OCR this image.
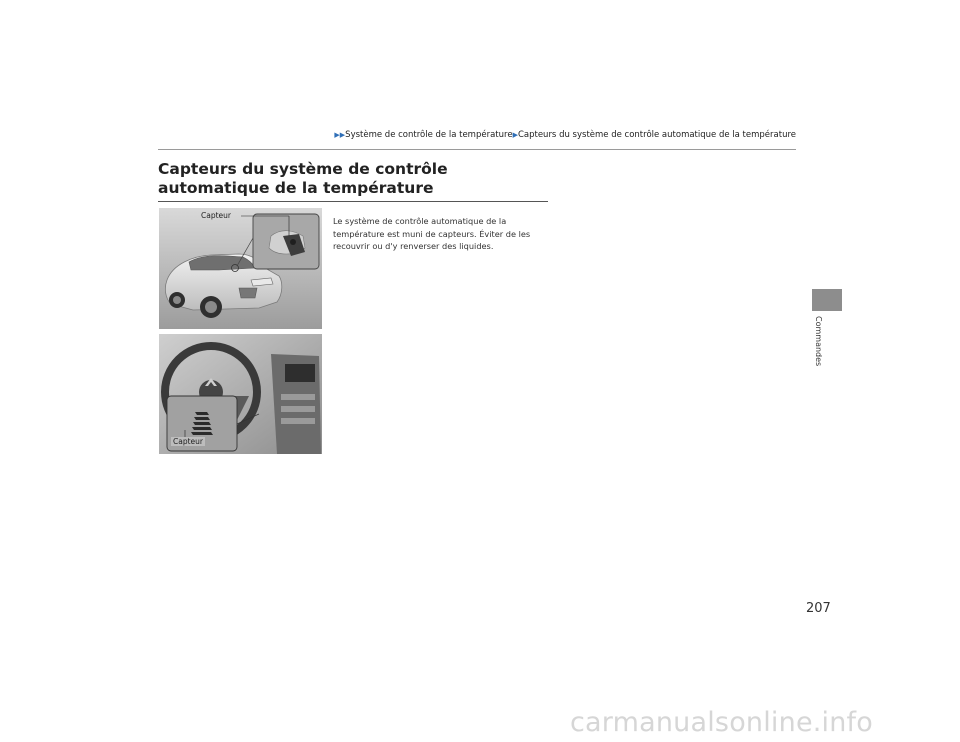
▶▶Système de contrôle de la température▶Capteurs du système de contrôle automatique de la température
Capteurs du système de contrôle automatique de la température
Capteur
Capteur

Le système de contrôle automatique de la température est muni de capteurs. Éviter de les recouvrir ou d'y renverser des liquides.

Commandes
207
carmanualsonline.info
